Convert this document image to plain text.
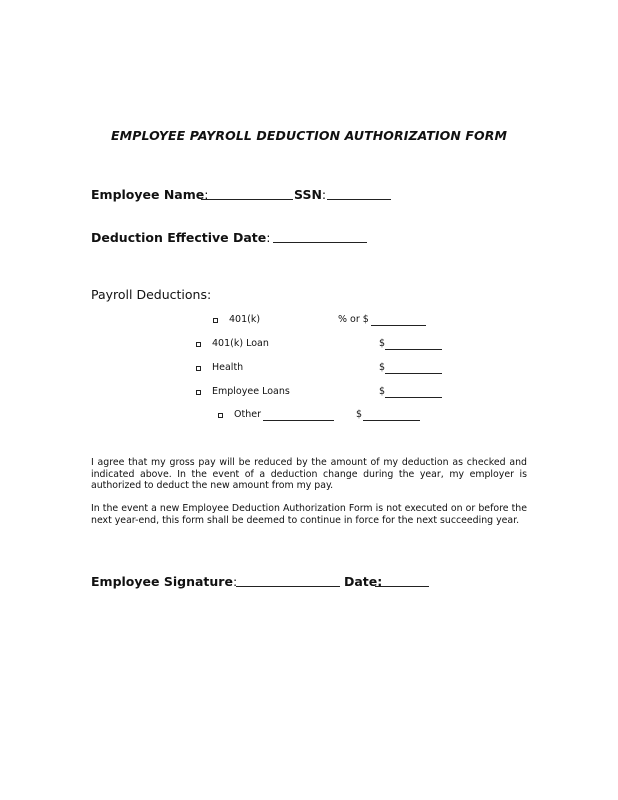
EMPLOYEE PAYROLL DEDUCTION AUTHORIZATION FORM
Employee Name:	SSN:
Deduction Effective Date:
Payroll Deductions:
401(k)	% or $
401(k) Loan	$
Health	$
Employee Loans	$
Other	$
I agree that my gross pay will be reduced by the amount of my deduction as checked and indicated above. In the event of a deduction change during the year, my employer is authorized to deduct the new amount from my pay.
In the event a new Employee Deduction Authorization Form is not executed on or before the next year-end, this form shall be deemed to continue in force for the next succeeding year.
Employee Signature:	Date:
